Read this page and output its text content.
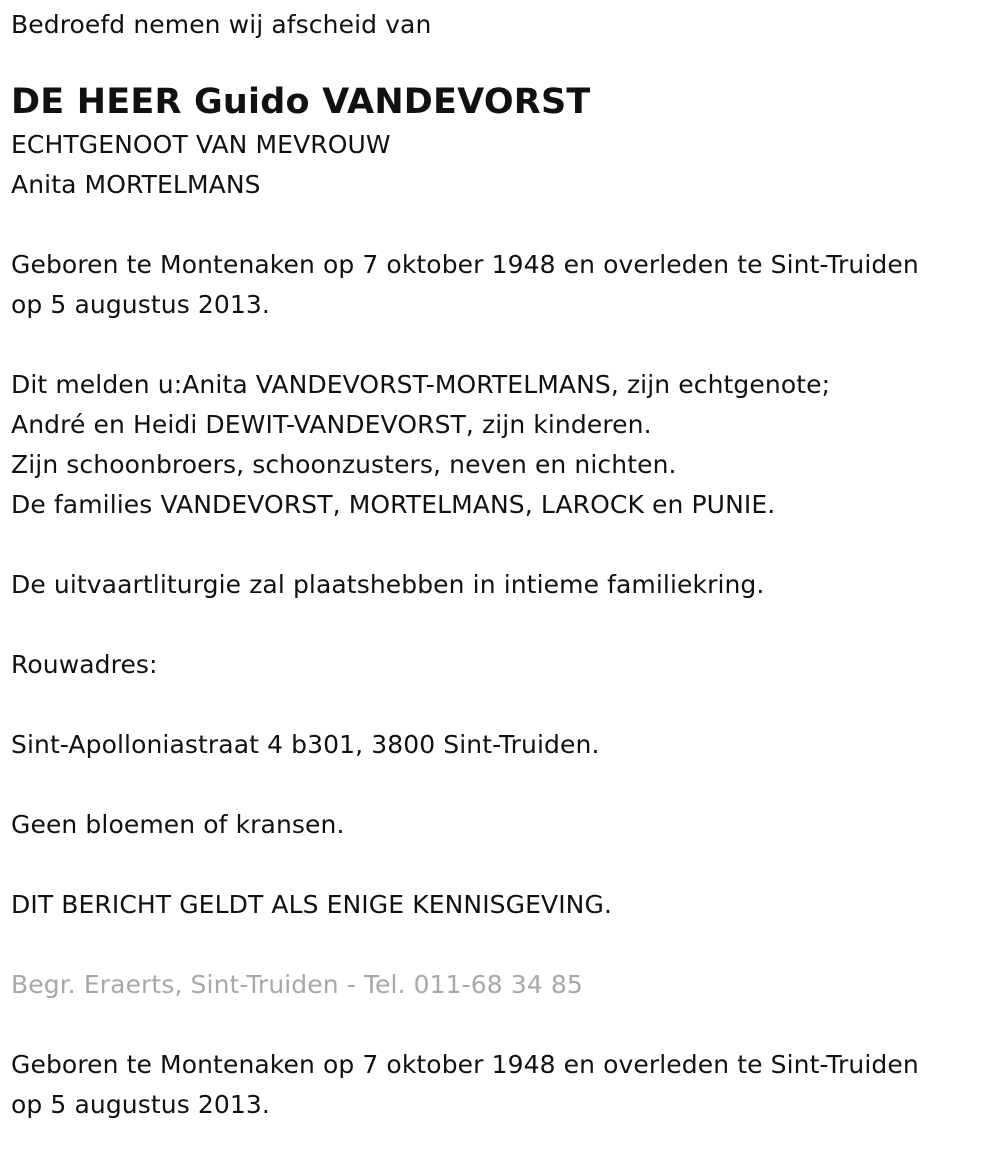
Bedroefd nemen wij afscheid van
DE HEER Guido VANDEVORST
ECHTGENOOT VAN MEVROUW
Anita MORTELMANS
Geboren te Montenaken op 7 oktober 1948 en overleden te Sint-Truiden
op 5 augustus 2013.
Dit melden u:Anita VANDEVORST-MORTELMANS, zijn echtgenote;
André en Heidi DEWIT-VANDEVORST, zijn kinderen.
Zijn schoonbroers, schoonzusters, neven en nichten.
De families VANDEVORST, MORTELMANS, LAROCK en PUNIE.
De uitvaartliturgie zal plaatshebben in intieme familiekring.
Rouwadres:
Sint-Apolloniastraat 4 b301, 3800 Sint-Truiden.
Geen bloemen of kransen.
DIT BERICHT GELDT ALS ENIGE KENNISGEVING.
Begr. Eraerts, Sint-Truiden - Tel. 011-68 34 85
Geboren te Montenaken op 7 oktober 1948 en overleden te Sint-Truiden
op 5 augustus 2013.
